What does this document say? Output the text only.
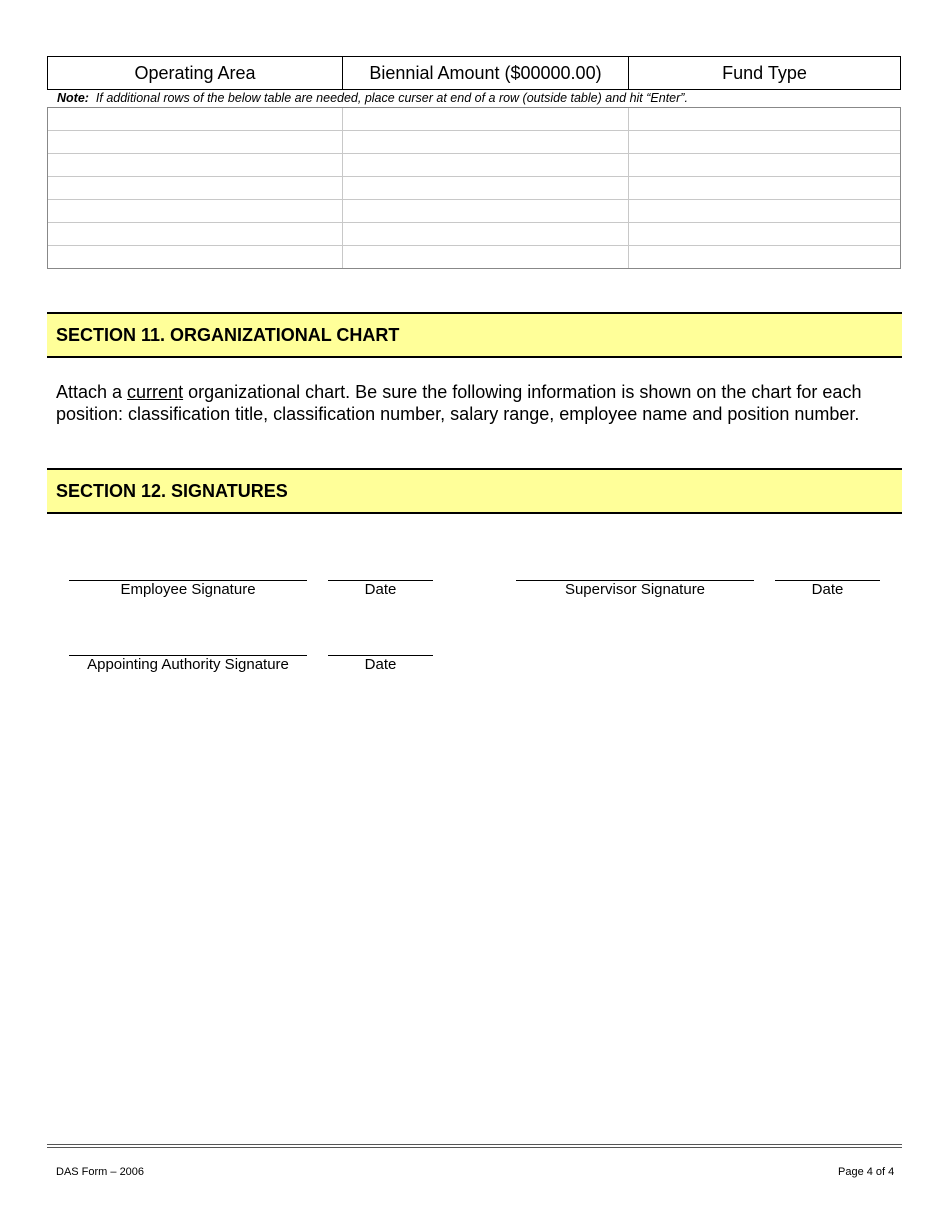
Operating Area	Biennial Amount ($00000.00)	Fund Type
Note: If additional rows of the below table are needed, place curser at end of a row (outside table) and hit “Enter”.
SECTION 11. ORGANIZATIONAL CHART
Attach a current organizational chart. Be sure the following information is shown on the chart for each position: classification title, classification number, salary range, employee name and position number.
SECTION 12. SIGNATURES
Employee Signature	Date	Supervisor Signature	Date
Appointing Authority Signature	Date
DAS Form – 2006	Page 4 of 4
